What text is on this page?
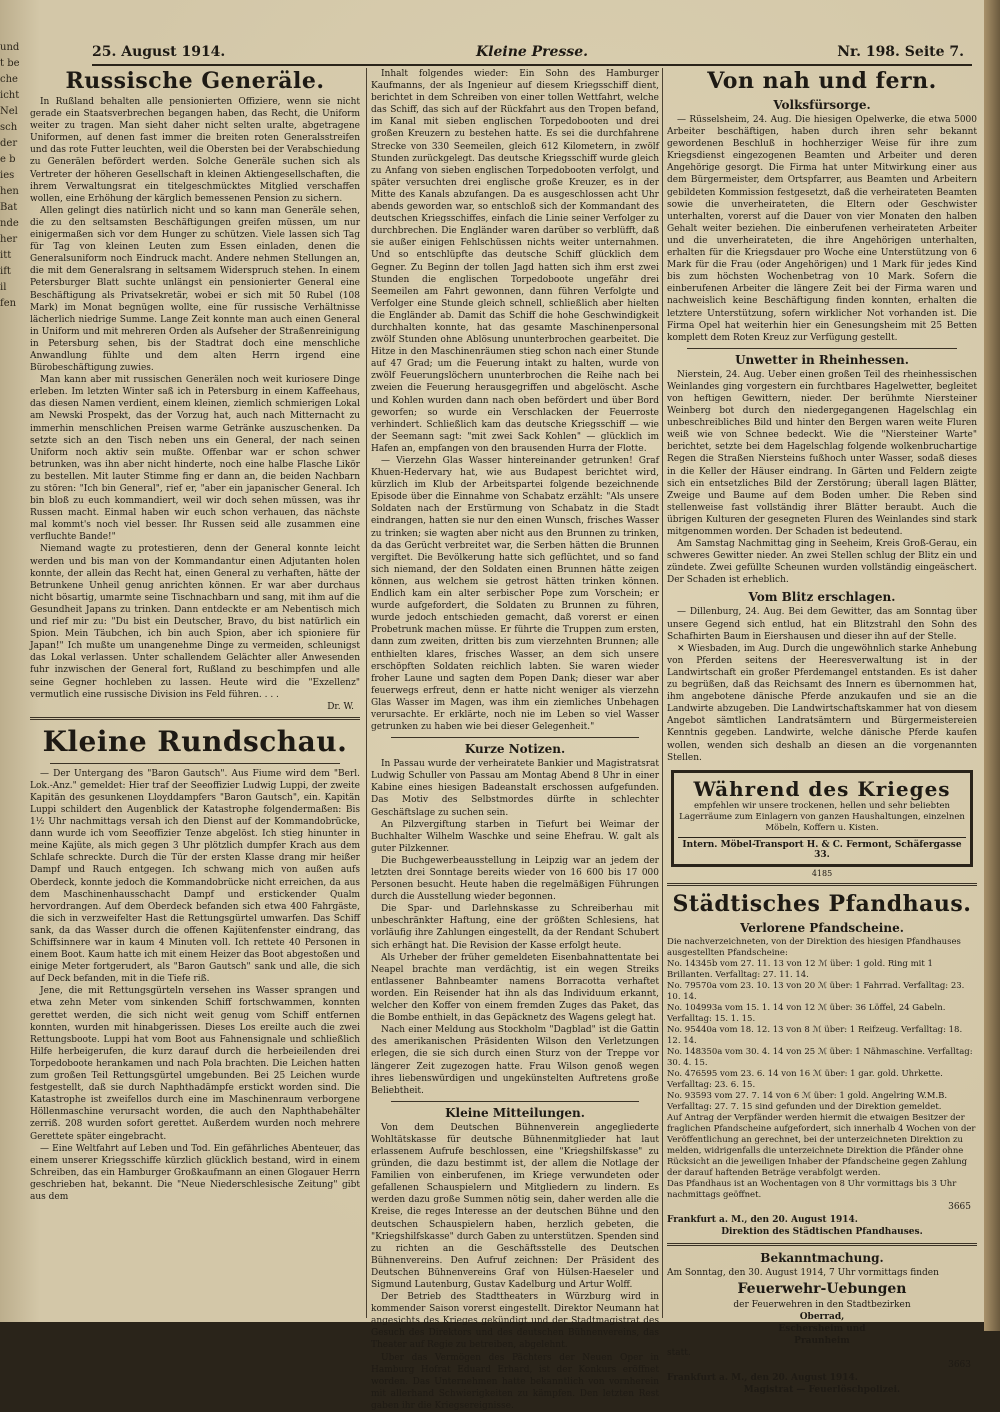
und
t be
che
icht
Nel
sch
der
e b
ies
hen
Bat
nde
her
itt
ift
il
fen
25. August 1914.	Kleine Presse.	Nr. 198. Seite 7.
Russische Generäle.

In Rußland behalten alle pensionierten Offiziere, wenn sie nicht gerade ein Staatsverbrechen begangen haben, das Recht, die Uniform weiter zu tragen. Man sieht daher nicht selten uralte, abgetragene Uniformen, auf denen fast immer die breiten roten Generalsstreifen und das rote Futter leuchten, weil die Obersten bei der Verabschiedung zu Generälen befördert werden. Solche Generäle suchen sich als Vertreter der höheren Gesellschaft in kleinen Aktiengesellschaften, die ihrem Verwaltungsrat ein titelgeschmücktes Mitglied verschaffen wollen, eine Erhöhung der kärglich bemessenen Pension zu sichern.

Allen gelingt dies natürlich nicht und so kann man Generäle sehen, die zu den seltsamsten Beschäftigungen greifen müssen, um nur einigermaßen sich vor dem Hunger zu schützen. Viele lassen sich Tag für Tag von kleinen Leuten zum Essen einladen, denen die Generalsuniform noch Eindruck macht. Andere nehmen Stellungen an, die mit dem Generalsrang in seltsamem Widerspruch stehen. In einem Petersburger Blatt suchte unlängst ein pensionierter General eine Beschäftigung als Privatsekretär, wobei er sich mit 50 Rubel (108 Mark) im Monat begnügen wollte, eine für russische Verhältnisse lächerlich niedrige Summe. Lange Zeit konnte man auch einen General in Uniform und mit mehreren Orden als Aufseher der Straßenreinigung in Petersburg sehen, bis der Stadtrat doch eine menschliche Anwandlung fühlte und dem alten Herrn irgend eine Bürobeschäftigung zuwies.

Man kann aber mit russischen Generälen noch weit kuriosere Dinge erleben. Im letzten Winter saß ich in Petersburg in einem Kaffeehaus, das diesen Namen verdient, einem kleinen, ziemlich schmierigen Lokal am Newski Prospekt, das der Vorzug hat, auch nach Mitternacht zu immerhin menschlichen Preisen warme Getränke auszuschenken. Da setzte sich an den Tisch neben uns ein General, der nach seinen Uniform noch aktiv sein mußte. Offenbar war er schon schwer betrunken, was ihn aber nicht hinderte, noch eine halbe Flasche Likör zu bestellen. Mit lauter Stimme fing er dann an, die beiden Nachbarn zu stören: "Ich bin General", rief er, "aber ein japanischer General. Ich bin bloß zu euch kommandiert, weil wir doch sehen müssen, was ihr Russen macht. Einmal haben wir euch schon verhauen, das nächste mal kommt's noch viel besser. Ihr Russen seid alle zusammen eine verfluchte Bande!"

Niemand wagte zu protestieren, denn der General konnte leicht werden und bis man von der Kommandantur einen Adjutanten holen konnte, der allein das Recht hat, einen General zu verhaften, hätte der Betrunkene Unheil genug anrichten können. Er war aber durchaus nicht bösartig, umarmte seine Tischnachbarn und sang, mit ihm auf die Gesundheit Japans zu trinken. Dann entdeckte er am Nebentisch mich und rief mir zu: "Du bist ein Deutscher, Bravo, du bist natürlich ein Spion. Mein Täubchen, ich bin auch Spion, aber ich spioniere für Japan!" Ich mußte um unangenehme Dinge zu vermeiden, schleunigst das Lokal verlassen. Unter schallendem Gelächter aller Anwesenden fuhr inzwischen der General fort, Rußland zu beschimpfen und alle seine Gegner hochleben zu lassen. Heute wird die "Exzellenz" vermutlich eine russische Division ins Feld führen. . . .

Dr. W.
Kleine Rundschau.

— Der Untergang des "Baron Gautsch". Aus Fiume wird dem "Berl. Lok.-Anz." gemeldet: Hier traf der Seeoffizier Ludwig Luppi, der zweite Kapitän des gesunkenen Lloyddampfers "Baron Gautsch", ein. Kapitän Luppi schildert den Augenblick der Katastrophe folgendermaßen: Bis 1½ Uhr nachmittags versah ich den Dienst auf der Kommandobrücke, dann wurde ich vom Seeoffizier Tenze abgelöst. Ich stieg hinunter in meine Kajüte, als mich gegen 3 Uhr plötzlich dumpfer Krach aus dem Schlafe schreckte. Durch die Tür der ersten Klasse drang mir heißer Dampf und Rauch entgegen. Ich schwang mich von außen aufs Oberdeck, konnte jedoch die Kommandobrücke nicht erreichen, da aus dem Maschinenhausschacht Dampf und erstickender Qualm hervordrangen. Auf dem Oberdeck befanden sich etwa 400 Fahrgäste, die sich in verzweifelter Hast die Rettungsgürtel umwarfen. Das Schiff sank, da das Wasser durch die offenen Kajütenfenster eindrang, das Schiffsinnere war in kaum 4 Minuten voll. Ich rettete 40 Personen in einem Boot. Kaum hatte ich mit einem Heizer das Boot abgestoßen und einige Meter fortgerudert, als "Baron Gautsch" sank und alle, die sich auf Deck befanden, mit in die Tiefe riß.

Jene, die mit Rettungsgürteln versehen ins Wasser sprangen und etwa zehn Meter vom sinkenden Schiff fortschwammen, konnten gerettet werden, die sich nicht weit genug vom Schiff entfernen konnten, wurden mit hinabgerissen. Dieses Los ereilte auch die zwei Rettungsboote. Luppi hat vom Boot aus Fahnensignale und schließlich Hilfe herbeigerufen, die kurz darauf durch die herbeieilenden drei Torpedoboote herankamen und nach Pola brachten. Die Leichen hatten zum großen Teil Rettungsgürtel umgebunden. Bei 25 Leichen wurde festgestellt, daß sie durch Naphthadämpfe erstickt worden sind. Die Katastrophe ist zweifellos durch eine im Maschinenraum verborgene Höllenmaschine verursacht worden, die auch den Naphthabehälter zerriß. 208 wurden sofort gerettet. Außerdem wurden noch mehrere Gerettete später eingebracht.

— Eine Weltfahrt auf Leben und Tod. Ein gefährliches Abenteuer, das einem unserer Kriegsschiffe kürzlich glücklich bestand, wird in einem Schreiben, das ein Hamburger Großkaufmann an einen Glogauer Herrn geschrieben hat, bekannt. Die "Neue Niederschlesische Zeitung" gibt aus dem

Inhalt folgendes wieder: Ein Sohn des Hamburger Kaufmanns, der als Ingenieur auf diesem Kriegsschiff dient, berichtet in dem Schreiben von einer tollen Wettfahrt, welche das Schiff, das sich auf der Rückfahrt aus den Tropen befand, im Kanal mit sieben englischen Torpedobooten und drei großen Kreuzern zu bestehen hatte. Es sei die durchfahrene Strecke von 330 Seemeilen, gleich 612 Kilometern, in zwölf Stunden zurückgelegt. Das deutsche Kriegsschiff wurde gleich zu Anfang von sieben englischen Torpedobooten verfolgt, und später versuchten drei englische große Kreuzer, es in der Mitte des Kanals abzufangen. Da es ausgeschlossen acht Uhr abends geworden war, so entschloß sich der Kommandant des deutschen Kriegsschiffes, einfach die Linie seiner Verfolger zu durchbrechen. Die Engländer waren darüber so verblüfft, daß sie außer einigen Fehlschüssen nichts weiter unternahmen. Und so entschlüpfte das deutsche Schiff glücklich dem Gegner. Zu Beginn der tollen Jagd hatten sich ihm erst zwei Stunden die englischen Torpedoboote ungefähr drei Seemeilen am Fahrt gewonnen, dann führen Verfolgte und Verfolger eine Stunde gleich schnell, schließlich aber hielten die Engländer ab. Damit das Schiff die hohe Geschwindigkeit durchhalten konnte, hat das gesamte Maschinenpersonal zwölf Stunden ohne Ablösung ununterbrochen gearbeitet. Die Hitze in den Maschinenräumen stieg schon nach einer Stunde auf 47 Grad; um die Feuerung intakt zu halten, wurde von zwölf Feuerungslöchern ununterbrochen die Reihe nach bei zweien die Feuerung herausgegriffen und abgelöscht. Asche und Kohlen wurden dann nach oben befördert und über Bord geworfen; so wurde ein Verschlacken der Feuerroste verhindert. Schließlich kam das deutsche Kriegsschiff — wie der Seemann sagt: "mit zwei Sack Kohlen" — glücklich im Hafen an, empfangen von den brausenden Hurra der Flotte.

— Vierzehn Glas Wasser hintereinander getrunken! Graf Khuen-Hedervary hat, wie aus Budapest berichtet wird, kürzlich im Klub der Arbeitspartei folgende bezeichnende Episode über die Einnahme von Schabatz erzählt: "Als unsere Soldaten nach der Erstürmung von Schabatz in die Stadt eindrangen, hatten sie nur den einen Wunsch, frisches Wasser zu trinken; sie wagten aber nicht aus den Brunnen zu trinken, da das Gerücht verbreitet war, die Serben hätten die Brunnen vergiftet. Die Bevölkerung hatte sich geflüchtet, und so fand sich niemand, der den Soldaten einen Brunnen hätte zeigen können, aus welchem sie getrost hätten trinken können. Endlich kam ein alter serbischer Pope zum Vorschein; er wurde aufgefordert, die Soldaten zu Brunnen zu führen, wurde jedoch entschieden gemacht, daß vorerst er einen Probetrunk machen müsse. Er führte die Truppen zum ersten, dann zum zweiten, dritten bis zum vierzehnten Brunnen; alle enthielten klares, frisches Wasser, an dem sich unsere erschöpften Soldaten reichlich labten. Sie waren wieder froher Laune und sagten dem Popen Dank; dieser war aber feuerwegs erfreut, denn er hatte nicht weniger als vierzehn Glas Wasser im Magen, was ihm ein ziemliches Unbehagen verursachte. Er erklärte, noch nie im Leben so viel Wasser getrunken zu haben wie bei dieser Gelegenheit."

Kurze Notizen.

In Passau wurde der verheiratete Bankier und Magistratsrat Ludwig Schuller von Passau am Montag Abend 8 Uhr in einer Kabine eines hiesigen Badeanstalt erschossen aufgefunden. Das Motiv des Selbstmordes dürfte in schlechter Geschäftslage zu suchen sein.

An Pilzvergiftung starben in Tiefurt bei Weimar der Buchhalter Wilhelm Waschke und seine Ehefrau. W. galt als guter Pilzkenner.

Die Buchgewerbeausstellung in Leipzig war an jedem der letzten drei Sonntage bereits wieder von 16 600 bis 17 000 Personen besucht. Heute haben die regelmäßigen Führungen durch die Ausstellung wieder begonnen.

Die Spar- und Darlehnskasse zu Schreiberhau mit unbeschränkter Haftung, eine der größten Schlesiens, hat vorläufig ihre Zahlungen eingestellt, da der Rendant Schubert sich erhängt hat. Die Revision der Kasse erfolgt heute.

Als Urheber der früher gemeldeten Eisenbahnattentate bei Neapel brachte man verdächtig, ist ein wegen Streiks entlassener Bahnbeamter namens Borracotta verhaftet worden. Ein Reisender hat ihn als das Individuum erkannt, welcher den Koffer von einem fremden Zuges das Paket, das die Bombe enthielt, in das Gepäcknetz des Wagens gelegt hat.

Nach einer Meldung aus Stockholm "Dagblad" ist die Gattin des amerikanischen Präsidenten Wilson den Verletzungen erlegen, die sie sich durch einen Sturz von der Treppe vor längerer Zeit zugezogen hatte. Frau Wilson genoß wegen ihres liebenswürdigen und ungekünstelten Auftretens große Beliebtheit.

Kleine Mitteilungen.

Von dem Deutschen Bühnenverein angegliederte Wohltätskasse für deutsche Bühnenmitglieder hat laut erlassenem Aufrufe beschlossen, eine "Kriegshilfskasse" zu gründen, die dazu bestimmt ist, der allem die Notlage der Familien von einberufenen, im Kriege verwundeten oder gefallenen Schauspielern und Mitgliedern zu lindern. Es werden dazu große Summen nötig sein, daher werden alle die Kreise, die reges Interesse an der deutschen Bühne und den deutschen Schauspielern haben, herzlich gebeten, die "Kriegshilfskasse" durch Gaben zu unterstützen. Spenden sind zu richten an die Geschäftsstelle des Deutschen Bühnenvereins. Den Aufruf zeichnen: Der Präsident des Deutschen Bühnenvereins Graf von Hülsen-Haeseler und Sigmund Lautenburg, Gustav Kadelburg und Artur Wolff.

Der Betrieb des Stadttheaters in Würzburg wird in kommender Saison vorerst eingestellt. Direktor Neumann hat angesichts des Krieges gekündigt und der Stadtmagistrat des Gesuch des Direktors und des deutschen Bühnenvereins, das Theater auf Regie zu betreiben, abgelehnt.

Uber das Vermögen des Pächters der Neuen Oper in Hamburg Hofrat Eduard Erhard, ist der Konkurs eröffnet worden. Das Unternehmen hatte bekanntlich von vornherein mit allerhand Schwierigkeiten zu kämpfen. Den letzten Rest gaben ihr die Kriegsereignisse.

Von nah und fern.
Volksfürsorge.

— Rüsselsheim, 24. Aug. Die hiesigen Opelwerke, die etwa 5000 Arbeiter beschäftigen, haben durch ihren sehr bekannt gewordenen Beschluß in hochherziger Weise für ihre zum Kriegsdienst eingezogenen Beamten und Arbeiter und deren Angehörige gesorgt. Die Firma hat unter Mitwirkung einer aus dem Bürgermeister, dem Ortspfarrer, aus Beamten und Arbeitern gebildeten Kommission festgesetzt, daß die verheirateten Beamten sowie die unverheirateten, die Eltern oder Geschwister unterhalten, vorerst auf die Dauer von vier Monaten den halben Gehalt weiter beziehen. Die einberufenen verheirateten Arbeiter und die unverheirateten, die ihre Angehörigen unterhalten, erhalten für die Kriegsdauer pro Woche eine Unterstützung von 6 Mark für die Frau (oder Angehörigen) und 1 Mark für jedes Kind bis zum höchsten Wochenbetrag von 10 Mark. Sofern die einberufenen Arbeiter die längere Zeit bei der Firma waren und nachweislich keine Beschäftigung finden konnten, erhalten die letztere Unterstützung, sofern wirklicher Not vorhanden ist. Die Firma Opel hat weiterhin hier ein Genesungsheim mit 25 Betten komplett dem Roten Kreuz zur Verfügung gestellt.

Unwetter in Rheinhessen.

Nierstein, 24. Aug. Ueber einen großen Teil des rheinhessischen Weinlandes ging vorgestern ein furchtbares Hagelwetter, begleitet von heftigen Gewittern, nieder. Der berühmte Niersteiner Weinberg bot durch den niedergegangenen Hagelschlag ein unbeschreibliches Bild und hinter den Bergen waren weite Fluren weiß wie von Schnee bedeckt. Wie die "Niersteiner Warte" berichtet, setzte bei dem Hagelschlag folgende wolkenbruchartige Regen die Straßen Niersteins fußhoch unter Wasser, sodaß dieses in die Keller der Häuser eindrang. In Gärten und Feldern zeigte sich ein entsetzliches Bild der Zerstörung; überall lagen Blätter, Zweige und Baume auf dem Boden umher. Die Reben sind stellenweise fast vollständig ihrer Blätter beraubt. Auch die übrigen Kulturen der gesegneten Fluren des Weinlandes sind stark mitgenommen worden. Der Schaden ist bedeutend.

Am Samstag Nachmittag ging in Seeheim, Kreis Groß-Gerau, ein schweres Gewitter nieder. An zwei Stellen schlug der Blitz ein und zündete. Zwei gefüllte Scheunen wurden vollständig eingeäschert. Der Schaden ist erheblich.

Vom Blitz erschlagen.

— Dillenburg, 24. Aug. Bei dem Gewitter, das am Sonntag über unsere Gegend sich entlud, hat ein Blitzstrahl den Sohn des Schafhirten Baum in Eiershausen und dieser ihn auf der Stelle.

✕ Wiesbaden, im Aug. Durch die ungewöhnlich starke Anhebung von Pferden seitens der Heeresverwaltung ist in der Landwirtschaft ein großer Pferdemangel entstanden. Es ist daher zu begrüßen, daß das Reichsamt des Innern es übernommen hat, ihm angebotene dänische Pferde anzukaufen und sie an die Landwirte abzugeben. Die Landwirtschaftskammer hat von diesem Angebot sämtlichen Landratsämtern und Bürgermeistereien Kenntnis gegeben. Landwirte, welche dänische Pferde kaufen wollen, wenden sich deshalb an diesen an die vorgenannten Stellen.

Während des Krieges
empfehlen wir unsere trockenen, hellen und sehr beliebten Lagerräume zum Einlagern von ganzen Haushaltungen, einzelnen Möbeln, Koffern u. Kisten.
Intern. Möbel-Transport H. & C. Fermont, Schäfergasse 33.
4185
Städtisches Pfandhaus.
Verlorene Pfandscheine.

Die nachverzeichneten, von der Direktion des hiesigen Pfandhauses ausgestellten Pfandscheine:

No. 14345b vom 27. 11. 13 von 12 ℳ über: 1 gold. Ring mit 1 Brillanten. Verfalltag: 27. 11. 14.

No. 79570a vom 23. 10. 13 von 20 ℳ über: 1 Fahrrad. Verfalltag: 23. 10. 14.

No. 104993a vom 15. 1. 14 von 12 ℳ über: 36 Löffel, 24 Gabeln. Verfalltag: 15. 1. 15.

No. 95440a vom 18. 12. 13 von 8 ℳ über: 1 Reifzeug. Verfalltag: 18. 12. 14.

No. 148350a vom 30. 4. 14 von 25 ℳ über: 1 Nähmaschine. Verfalltag: 30. 4. 15.

No. 476595 vom 23. 6. 14 von 16 ℳ über: 1 gar. gold. Uhrkette. Verfalltag: 23. 6. 15.

No. 93593 vom 27. 7. 14 von 6 ℳ über: 1 gold. Angelring W.M.B. Verfalltag: 27. 7. 15 sind gefunden und der Direktion gemeldet.

Auf Antrag der Verpfänder werden hiermit die etwaigen Besitzer der fraglichen Pfandscheine aufgefordert, sich innerhalb 4 Wochen von der Veröffentlichung an gerechnet, bei der unterzeichneten Direktion zu melden, widrigenfalls die unterzeichnete Direktion die Pfänder ohne Rücksicht an die jeweiligen Inhaber der Pfandscheine gegen Zahlung der darauf haftenden Beträge verabfolgt werden.

Das Pfandhaus ist an Wochentagen von 8 Uhr vormittags bis 3 Uhr nachmittags geöffnet.

3665

Frankfurt a. M., den 20. August 1914.

Direktion des Städtischen Pfandhauses.

Bekanntmachung.

Am Sonntag, den 30. August 1914, 7 Uhr vormittags finden

Feuerwehr-Uebungen

der Feuerwehren in den Stadtbezirken

Oberrad,

Eschersheim und

Praunheim

statt.

3663

Frankfurt a. M., den 20. August 1914.

Magistrat — Feuerlöschpolizei.
